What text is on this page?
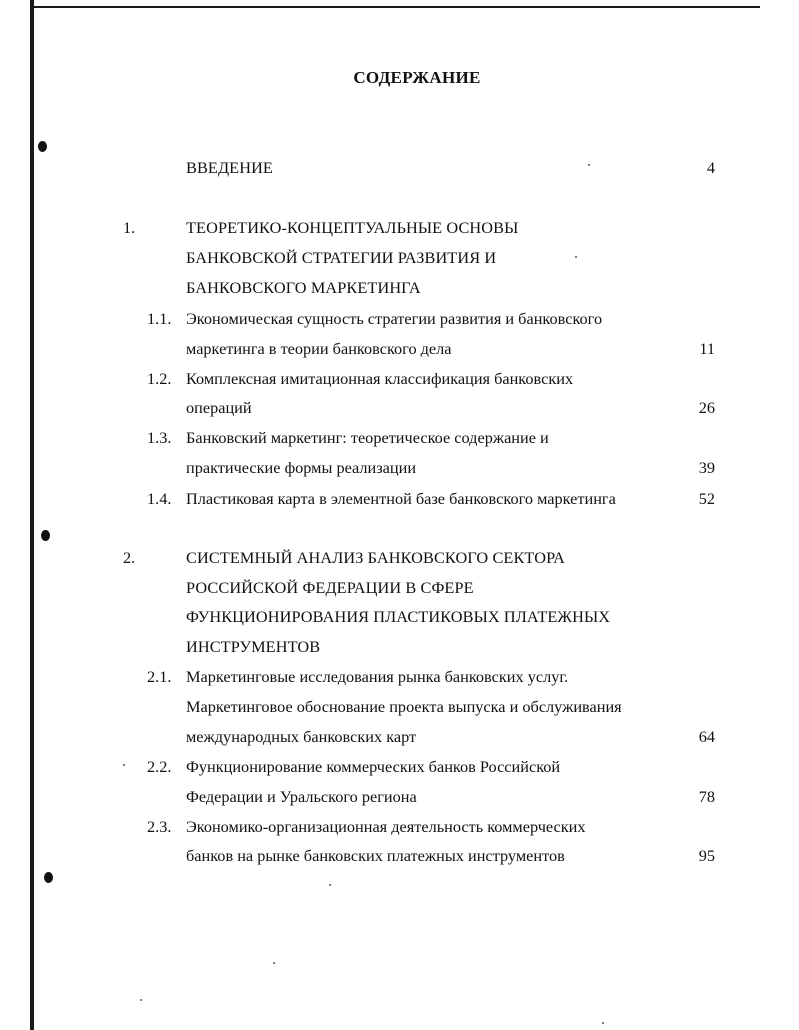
СОДЕРЖАНИЕ
ВВЕДЕНИЕ	4
1.	ТЕОРЕТИКО-КОНЦЕПТУАЛЬНЫЕ ОСНОВЫ
БАНКОВСКОЙ СТРАТЕГИИ РАЗВИТИЯ И
БАНКОВСКОГО МАРКЕТИНГА
1.1. Экономическая сущность стратегии развития и банковского
маркетинга в теории банковского дела	11
1.2. Комплексная имитационная классификация банковских
операций	26
1.3. Банковский маркетинг: теоретическое содержание и
практические формы реализации	39
1.4. Пластиковая карта в элементной базе банковского маркетинга	52
2.	СИСТЕМНЫЙ АНАЛИЗ БАНКОВСКОГО СЕКТОРА
РОССИЙСКОЙ ФЕДЕРАЦИИ В СФЕРЕ
ФУНКЦИОНИРОВАНИЯ ПЛАСТИКОВЫХ ПЛАТЕЖНЫХ
ИНСТРУМЕНТОВ
2.1. Маркетинговые исследования рынка банковских услуг.
Маркетинговое обоснование проекта выпуска и обслуживания
международных банковских карт	64
2.2. Функционирование коммерческих банков Российской
Федерации и Уральского региона	78
2.3. Экономико-организационная деятельность коммерческих
банков на рынке банковских платежных инструментов	95
